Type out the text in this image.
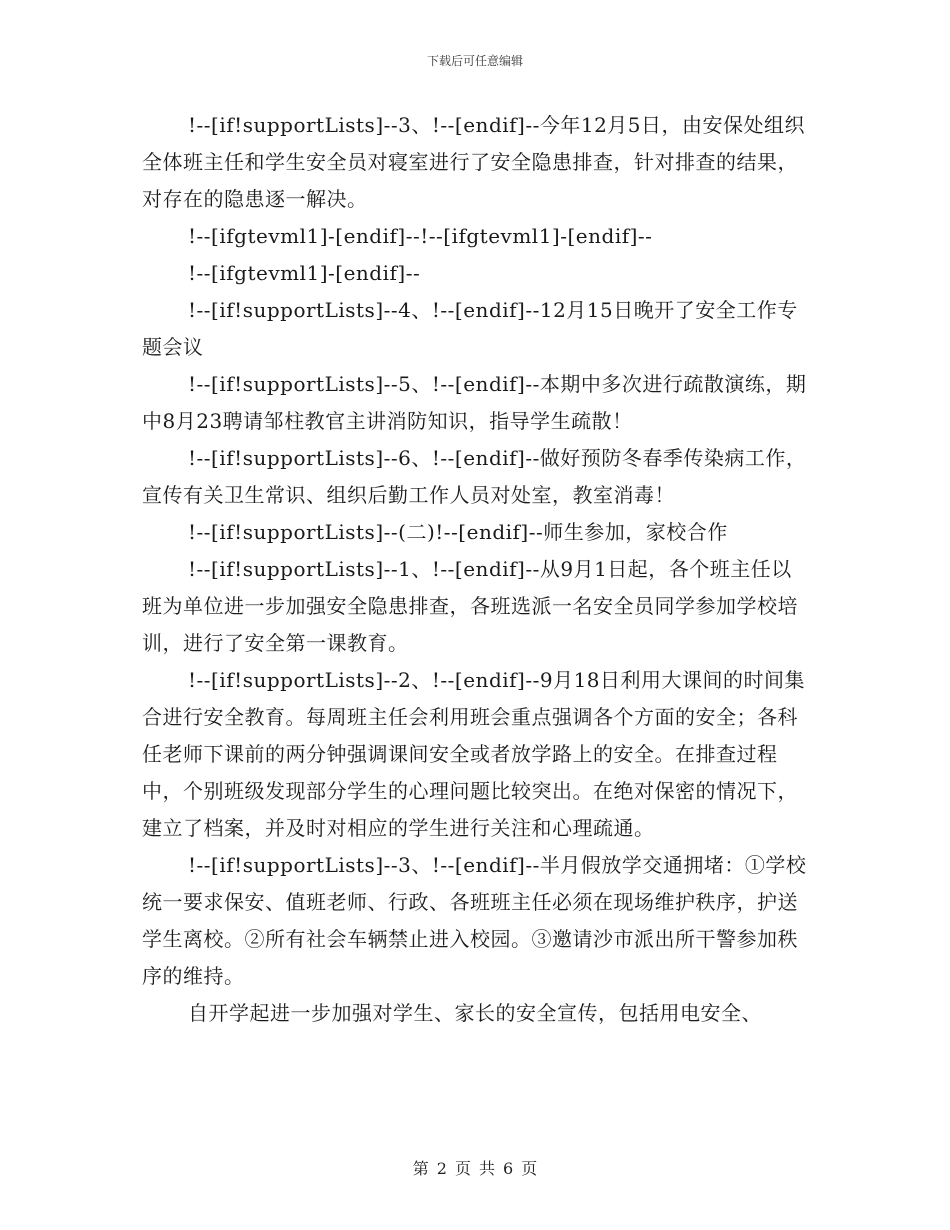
下载后可任意编辑

!--[if!supportLists]--3、!--[endif]--今年12月5日，由安保处组织全体班主任和学生安全员对寝室进行了安全隐患排查，针对排查的结果，对存在的隐患逐一解决。

!--[ifgtevml1]-[endif]--!--[ifgtevml1]-[endif]--

!--[ifgtevml1]-[endif]--

!--[if!supportLists]--4、!--[endif]--12月15日晚开了安全工作专题会议

!--[if!supportLists]--5、!--[endif]--本期中多次进行疏散演练，期中8月23聘请邹柱教官主讲消防知识，指导学生疏散！

!--[if!supportLists]--6、!--[endif]--做好预防冬春季传染病工作，宣传有关卫生常识、组织后勤工作人员对处室，教室消毒！

!--[if!supportLists]--(二)!--[endif]--师生参加，家校合作

!--[if!supportLists]--1、!--[endif]--从9月1日起，各个班主任以班为单位进一步加强安全隐患排查，各班选派一名安全员同学参加学校培训，进行了安全第一课教育。

!--[if!supportLists]--2、!--[endif]--9月18日利用大课间的时间集合进行安全教育。每周班主任会利用班会重点强调各个方面的安全；各科任老师下课前的两分钟强调课间安全或者放学路上的安全。在排查过程中，个别班级发现部分学生的心理问题比较突出。在绝对保密的情况下，建立了档案，并及时对相应的学生进行关注和心理疏通。

!--[if!supportLists]--3、!--[endif]--半月假放学交通拥堵：①学校统一要求保安、值班老师、行政、各班班主任必须在现场维护秩序，护送学生离校。②所有社会车辆禁止进入校园。③邀请沙市派出所干警参加秩序的维持。

自开学起进一步加强对学生、家长的安全宣传，包括用电安全、

第 2 页 共 6 页
